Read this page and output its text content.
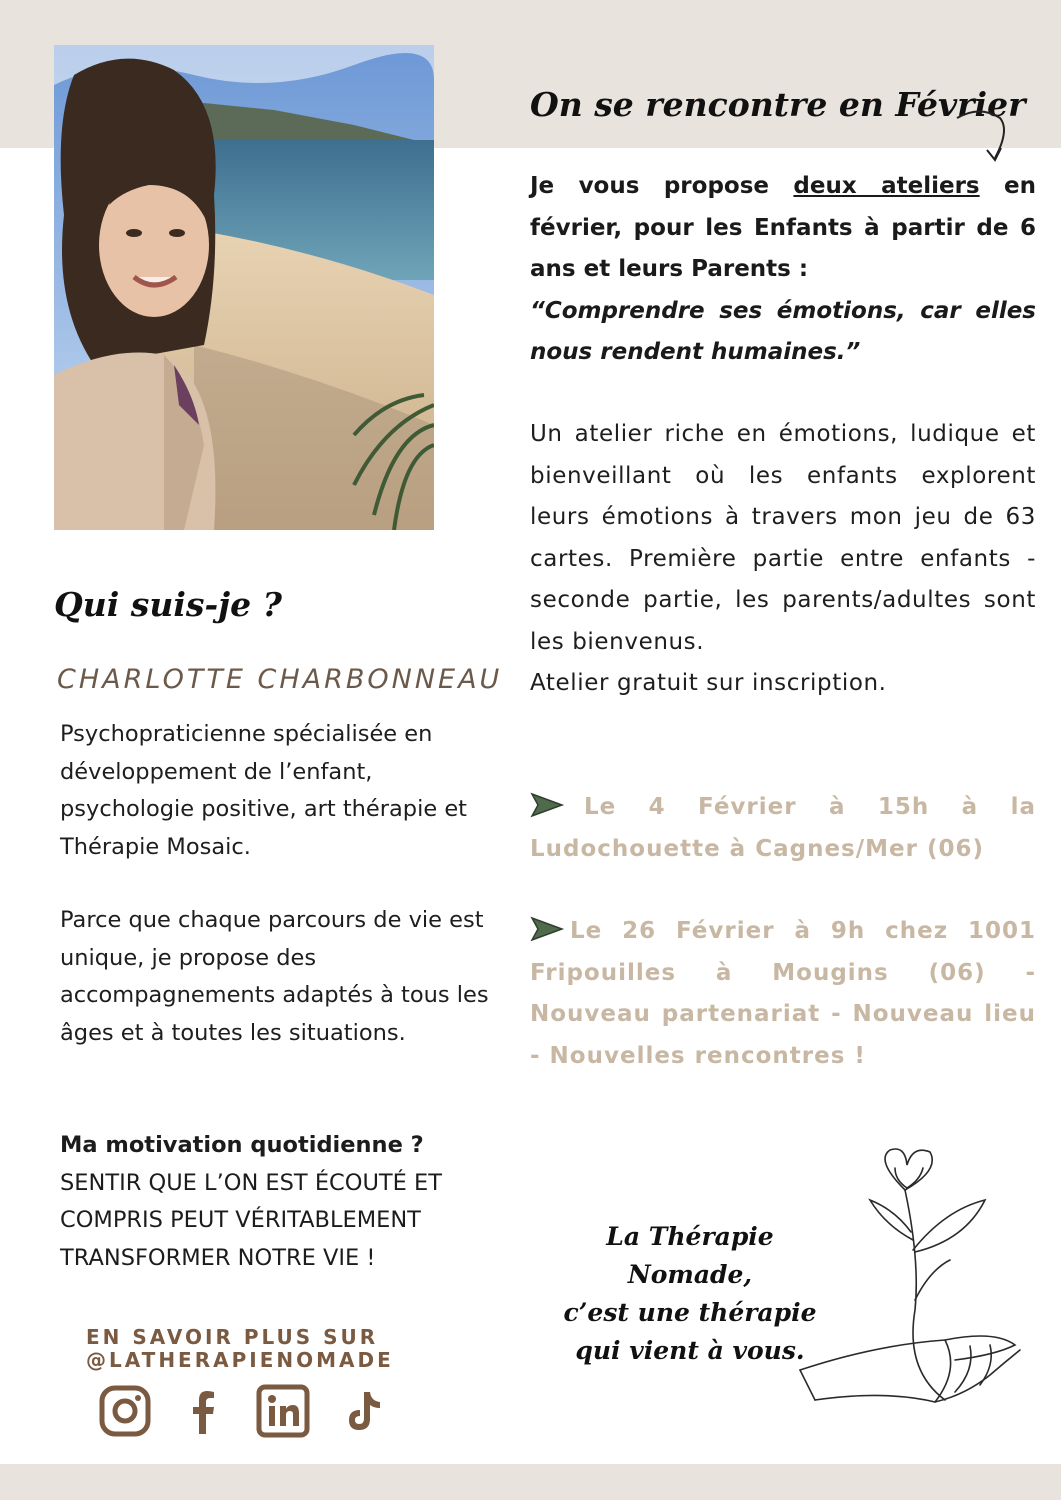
Qui suis-je ?
CHARLOTTE CHARBONNEAU

Psychopraticienne spécialisée en développement de l’enfant, psychologie positive, art thérapie et Thérapie Mosaic.

Parce que chaque parcours de vie est unique, je propose des accompagnements adaptés à tous les âges et à toutes les situations.

Ma motivation quotidienne ?
SENTIR QUE L’ON EST ÉCOUTÉ ET COMPRIS PEUT VÉRITABLEMENT TRANSFORMER NOTRE VIE !
EN SAVOIR PLUS SUR
@LATHERAPIENOMADE
On se rencontre en Février
Je vous propose deux ateliers en février, pour les Enfants à partir de 6 ans et leurs Parents :
“Comprendre ses émotions, car elles nous rendent humaines.”

Un atelier riche en émotions, ludique et bienveillant où les enfants explorent leurs émotions à travers mon jeu de 63 cartes. Première partie entre enfants - seconde partie, les parents/adultes sont les bienvenus.

Atelier gratuit sur inscription.

Le 4 Février à 15h à la Ludochouette à Cagnes/Mer (06)
Le 26 Février à 9h chez 1001 Fripouilles à Mougins (06) - Nouveau partenariat - Nouveau lieu - Nouvelles rencontres !
La Thérapie Nomade,
c’est une thérapie
qui vient à vous.
